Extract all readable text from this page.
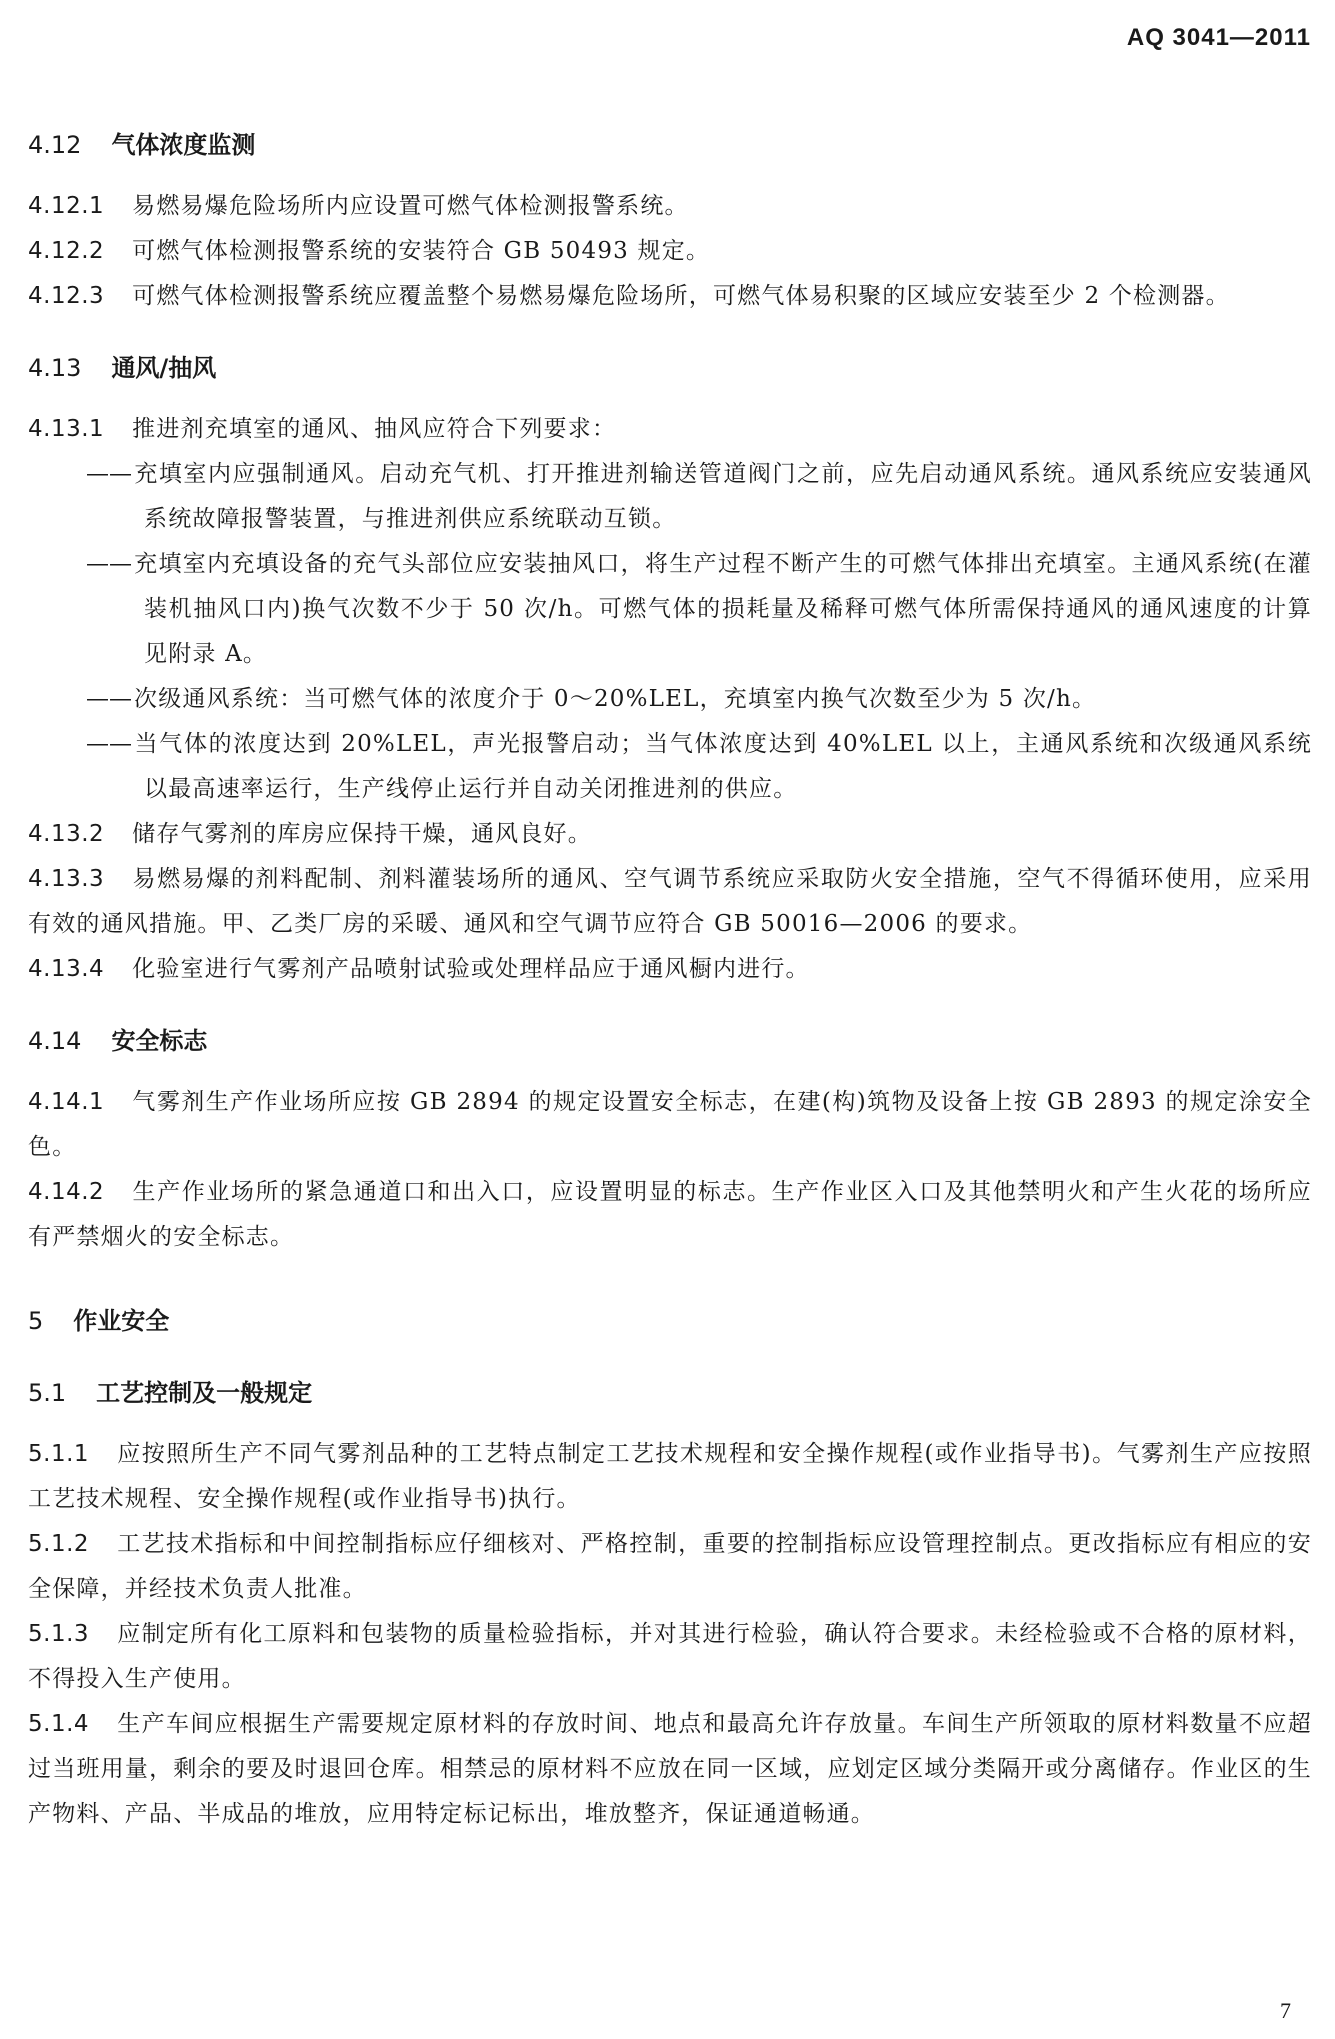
AQ 3041—2011
4.12 气体浓度监测

4.12.1 易燃易爆危险场所内应设置可燃气体检测报警系统。

4.12.2 可燃气体检测报警系统的安装符合 GB 50493 规定。

4.12.3 可燃气体检测报警系统应覆盖整个易燃易爆危险场所，可燃气体易积聚的区域应安装至少 2 个检测器。

4.13 通风/抽风

4.13.1 推进剂充填室的通风、抽风应符合下列要求：

——充填室内应强制通风。启动充气机、打开推进剂输送管道阀门之前，应先启动通风系统。通风系统应安装通风系统故障报警装置，与推进剂供应系统联动互锁。

——充填室内充填设备的充气头部位应安装抽风口，将生产过程不断产生的可燃气体排出充填室。主通风系统(在灌装机抽风口内)换气次数不少于 50 次/h。可燃气体的损耗量及稀释可燃气体所需保持通风的通风速度的计算见附录 A。

——次级通风系统：当可燃气体的浓度介于 0～20%LEL，充填室内换气次数至少为 5 次/h。

——当气体的浓度达到 20%LEL，声光报警启动；当气体浓度达到 40%LEL 以上，主通风系统和次级通风系统以最高速率运行，生产线停止运行并自动关闭推进剂的供应。

4.13.2 储存气雾剂的库房应保持干燥，通风良好。

4.13.3 易燃易爆的剂料配制、剂料灌装场所的通风、空气调节系统应采取防火安全措施，空气不得循环使用，应采用有效的通风措施。甲、乙类厂房的采暖、通风和空气调节应符合 GB 50016—2006 的要求。

4.13.4 化验室进行气雾剂产品喷射试验或处理样品应于通风橱内进行。

4.14 安全标志

4.14.1 气雾剂生产作业场所应按 GB 2894 的规定设置安全标志，在建(构)筑物及设备上按 GB 2893 的规定涂安全色。

4.14.2 生产作业场所的紧急通道口和出入口，应设置明显的标志。生产作业区入口及其他禁明火和产生火花的场所应有严禁烟火的安全标志。

5 作业安全
5.1 工艺控制及一般规定

5.1.1 应按照所生产不同气雾剂品种的工艺特点制定工艺技术规程和安全操作规程(或作业指导书)。气雾剂生产应按照工艺技术规程、安全操作规程(或作业指导书)执行。

5.1.2 工艺技术指标和中间控制指标应仔细核对、严格控制，重要的控制指标应设管理控制点。更改指标应有相应的安全保障，并经技术负责人批准。

5.1.3 应制定所有化工原料和包装物的质量检验指标，并对其进行检验，确认符合要求。未经检验或不合格的原材料，不得投入生产使用。

5.1.4 生产车间应根据生产需要规定原材料的存放时间、地点和最高允许存放量。车间生产所领取的原材料数量不应超过当班用量，剩余的要及时退回仓库。相禁忌的原材料不应放在同一区域，应划定区域分类隔开或分离储存。作业区的生产物料、产品、半成品的堆放，应用特定标记标出，堆放整齐，保证通道畅通。

7
